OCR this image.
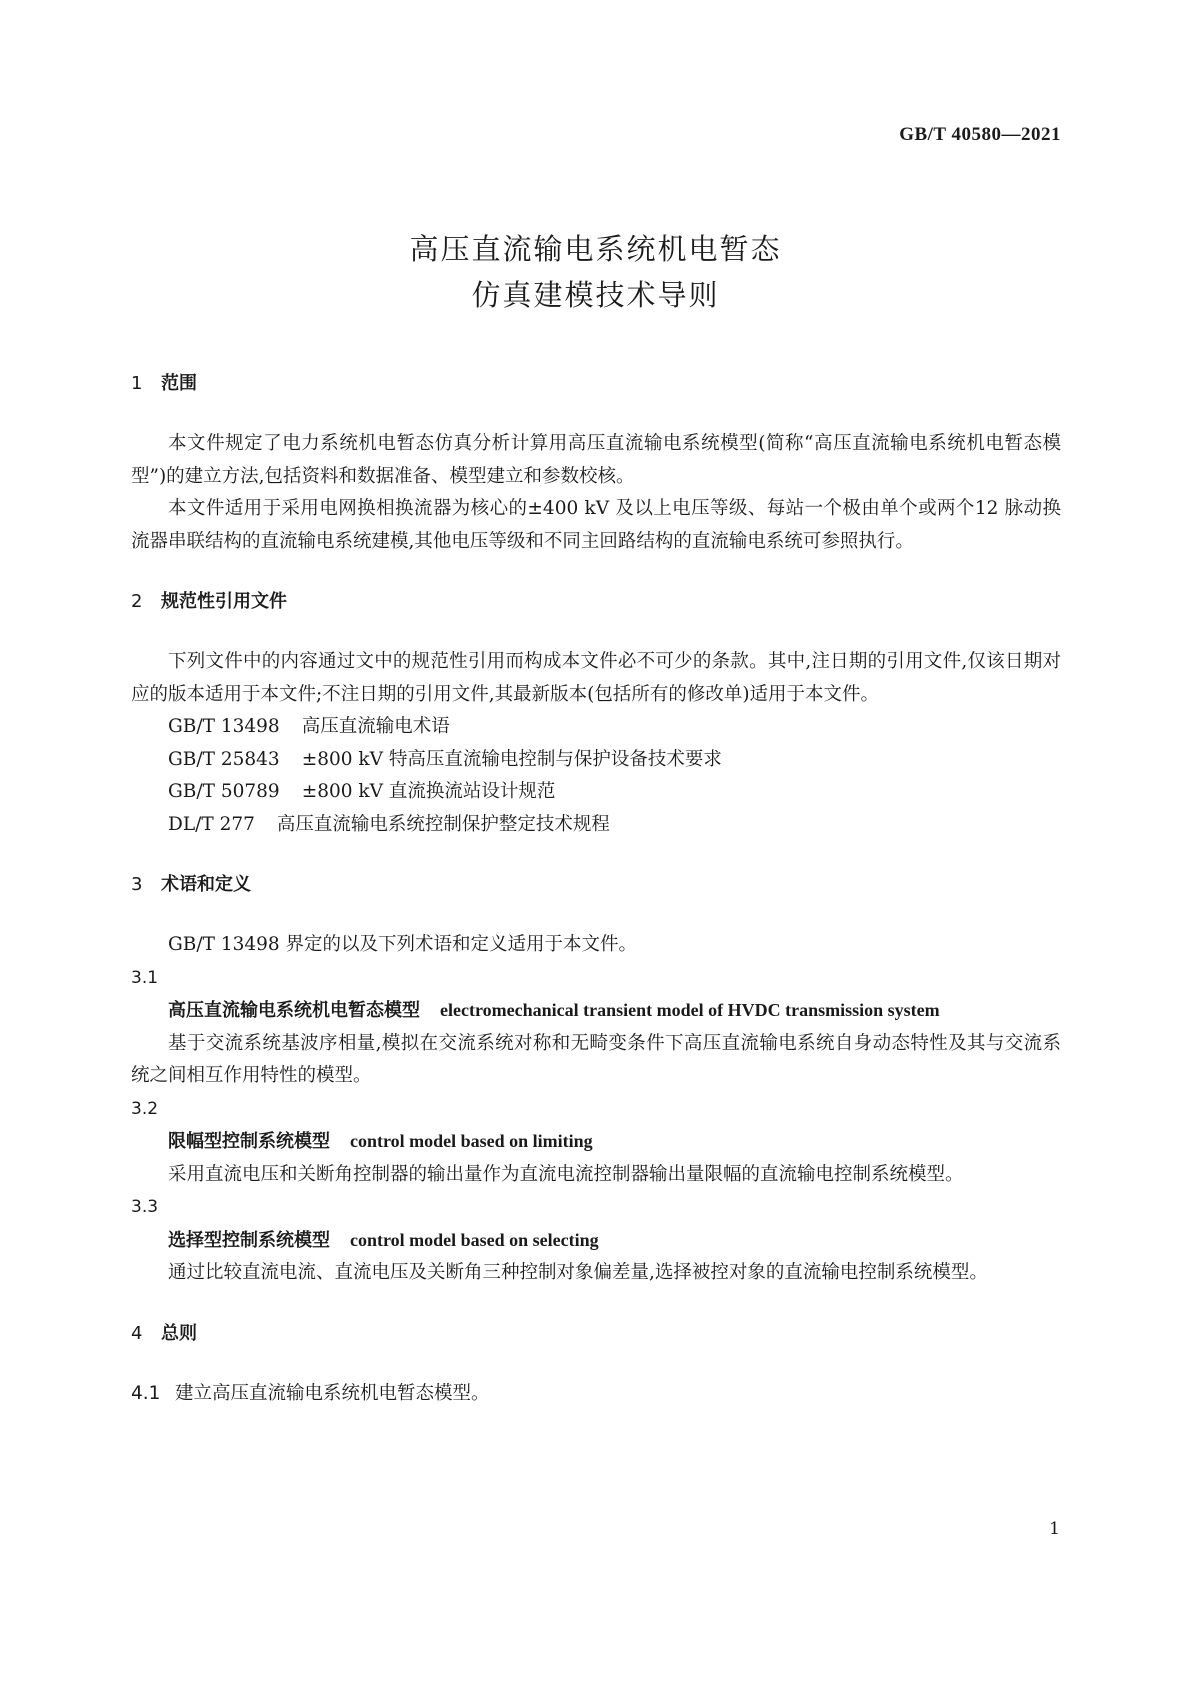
GB/T 40580—2021
高压直流输电系统机电暂态
仿真建模技术导则
1 范围

本文件规定了电力系统机电暂态仿真分析计算用高压直流输电系统模型(简称“高压直流输电系统机电暂态模型”)的建立方法,包括资料和数据准备、模型建立和参数校核。

本文件适用于采用电网换相换流器为核心的±400 kV 及以上电压等级、每站一个极由单个或两个12 脉动换流器串联结构的直流输电系统建模,其他电压等级和不同主回路结构的直流输电系统可参照执行。

2 规范性引用文件

下列文件中的内容通过文中的规范性引用而构成本文件必不可少的条款。其中,注日期的引用文件,仅该日期对应的版本适用于本文件;不注日期的引用文件,其最新版本(包括所有的修改单)适用于本文件。

GB/T 13498 高压直流输电术语

GB/T 25843 ±800 kV 特高压直流输电控制与保护设备技术要求

GB/T 50789 ±800 kV 直流换流站设计规范

DL/T 277 高压直流输电系统控制保护整定技术规程

3 术语和定义

GB/T 13498 界定的以及下列术语和定义适用于本文件。

3.1

高压直流输电系统机电暂态模型 electromechanical transient model of HVDC transmission system

基于交流系统基波序相量,模拟在交流系统对称和无畸变条件下高压直流输电系统自身动态特性及其与交流系统之间相互作用特性的模型。

3.2

限幅型控制系统模型 control model based on limiting

采用直流电压和关断角控制器的输出量作为直流电流控制器输出量限幅的直流输电控制系统模型。

3.3

选择型控制系统模型 control model based on selecting

通过比较直流电流、直流电压及关断角三种控制对象偏差量,选择被控对象的直流输电控制系统模型。

4 总则

4.1 建立高压直流输电系统机电暂态模型。

1
